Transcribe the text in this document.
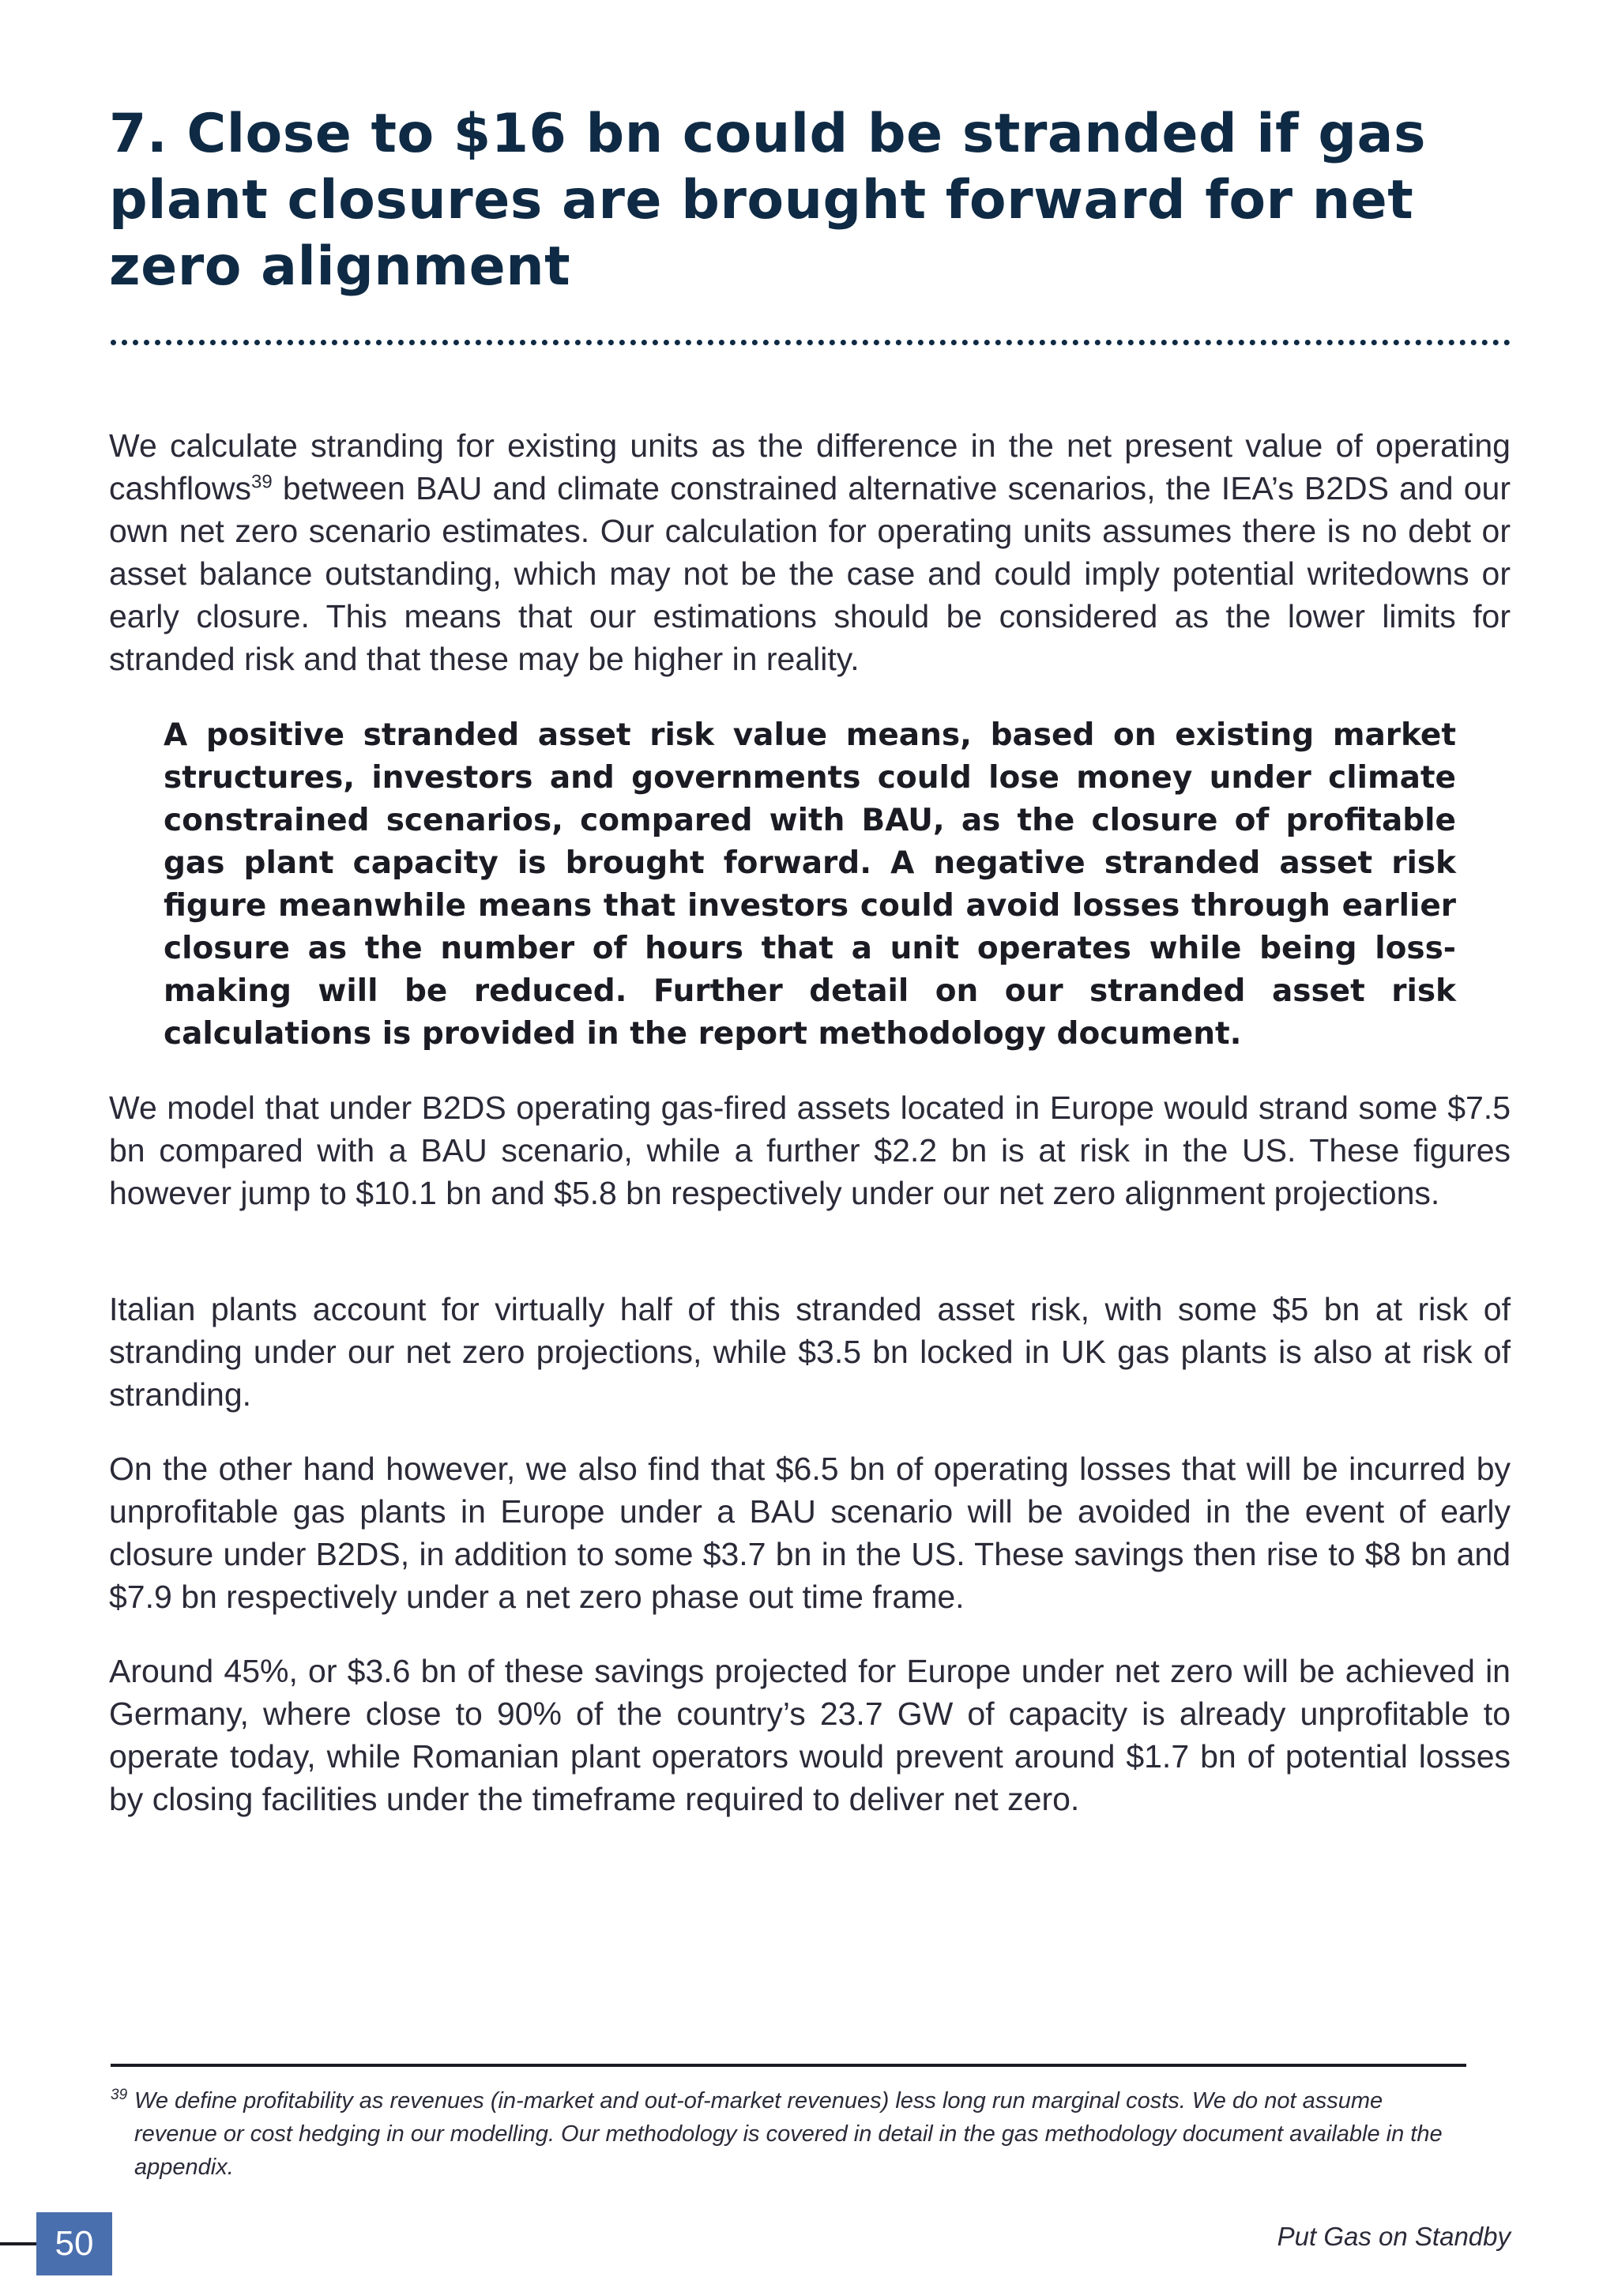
7. Close to $16 bn could be stranded if gas plant closures are brought forward for net zero alignment

We calculate stranding for existing units as the difference in the net present value of operating cashflows$^{39}$ between BAU and climate constrained alternative scenarios, the IEA’s B2DS and our own net zero scenario estimates. Our calculation for operating units assumes there is no debt or asset balance outstanding, which may not be the case and could imply potential writedowns or early closure. This means that our estimations should be considered as the lower limits for stranded risk and that these may be higher in reality.

A positive stranded asset risk value means, based on existing market structures, investors and governments could lose money under climate constrained scenarios, compared with BAU, as the closure of profitable gas plant capacity is brought forward. A negative stranded asset risk figure meanwhile means that investors could avoid losses through earlier closure as the number of hours that a unit operates while being loss-making will be reduced. Further detail on our stranded asset risk calculations is provided in the report methodology document.

We model that under B2DS operating gas-fired assets located in Europe would strand some $7.5 bn compared with a BAU scenario, while a further $2.2 bn is at risk in the US. These figures however jump to $10.1 bn and $5.8 bn respectively under our net zero alignment projections.

Italian plants account for virtually half of this stranded asset risk, with some $5 bn at risk of stranding under our net zero projections, while $3.5 bn locked in UK gas plants is also at risk of stranding.

On the other hand however, we also find that $6.5 bn of operating losses that will be incurred by unprofitable gas plants in Europe under a BAU scenario will be avoided in the event of early closure under B2DS, in addition to some $3.7 bn in the US. These savings then rise to $8 bn and $7.9 bn respectively under a net zero phase out time frame.

Around 45%, or $3.6 bn of these savings projected for Europe under net zero will be achieved in Germany, where close to 90% of the country’s 23.7 GW of capacity is already unprofitable to operate today, while Romanian plant operators would prevent around $1.7 bn of potential losses by closing facilities under the timeframe required to deliver net zero.

39 We define profitability as revenues (in-market and out-of-market revenues) less long run marginal costs. We do not assume revenue or cost hedging in our modelling. Our methodology is covered in detail in the gas methodology document available in the appendix.

50	Put Gas on Standby
